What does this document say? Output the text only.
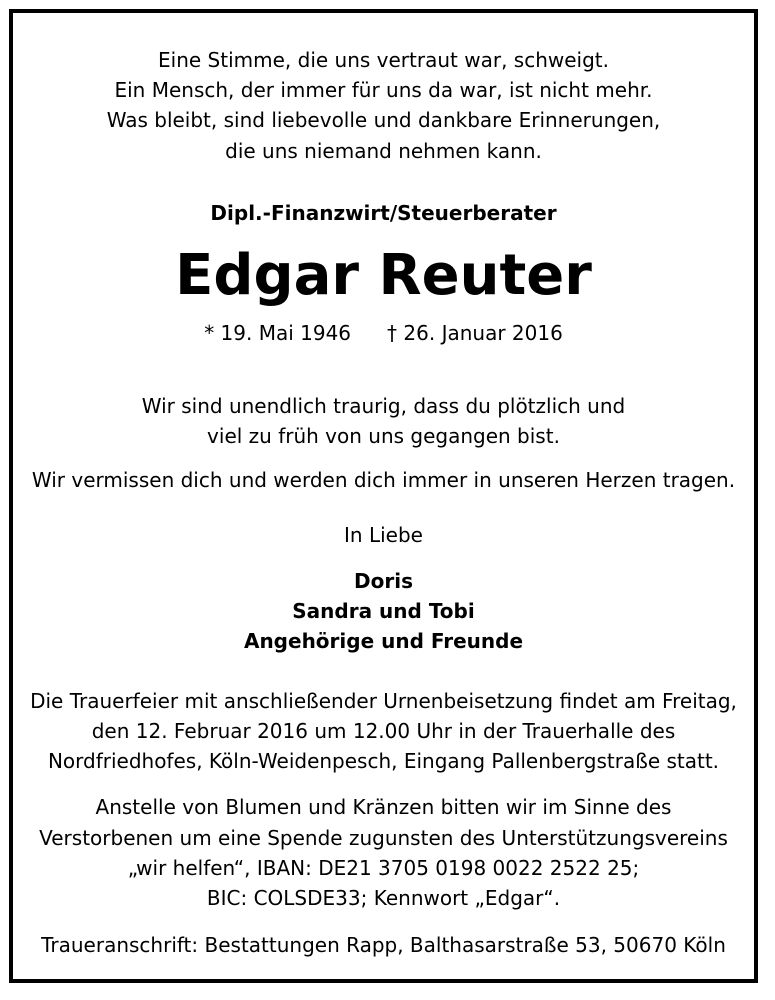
Eine Stimme, die uns vertraut war, schweigt.
Ein Mensch, der immer für uns da war, ist nicht mehr.
Was bleibt, sind liebevolle und dankbare Erinnerungen,
die uns niemand nehmen kann.
Dipl.-Finanzwirt/Steuerberater
Edgar Reuter
* 19. Mai 1946 † 26. Januar 2016
Wir sind unendlich traurig, dass du plötzlich und
viel zu früh von uns gegangen bist.
Wir vermissen dich und werden dich immer in unseren Herzen tragen.
In Liebe
Doris
Sandra und Tobi
Angehörige und Freunde
Die Trauerfeier mit anschließender Urnenbeisetzung findet am Freitag,
den 12. Februar 2016 um 12.00 Uhr in der Trauerhalle des
Nordfriedhofes, Köln-Weidenpesch, Eingang Pallenbergstraße statt.
Anstelle von Blumen und Kränzen bitten wir im Sinne des
Verstorbenen um eine Spende zugunsten des Unterstützungsvereins
„wir helfen“, IBAN: DE21 3705 0198 0022 2522 25;
BIC: COLSDE33; Kennwort „Edgar“.
Traueranschrift: Bestattungen Rapp, Balthasarstraße 53, 50670 Köln
